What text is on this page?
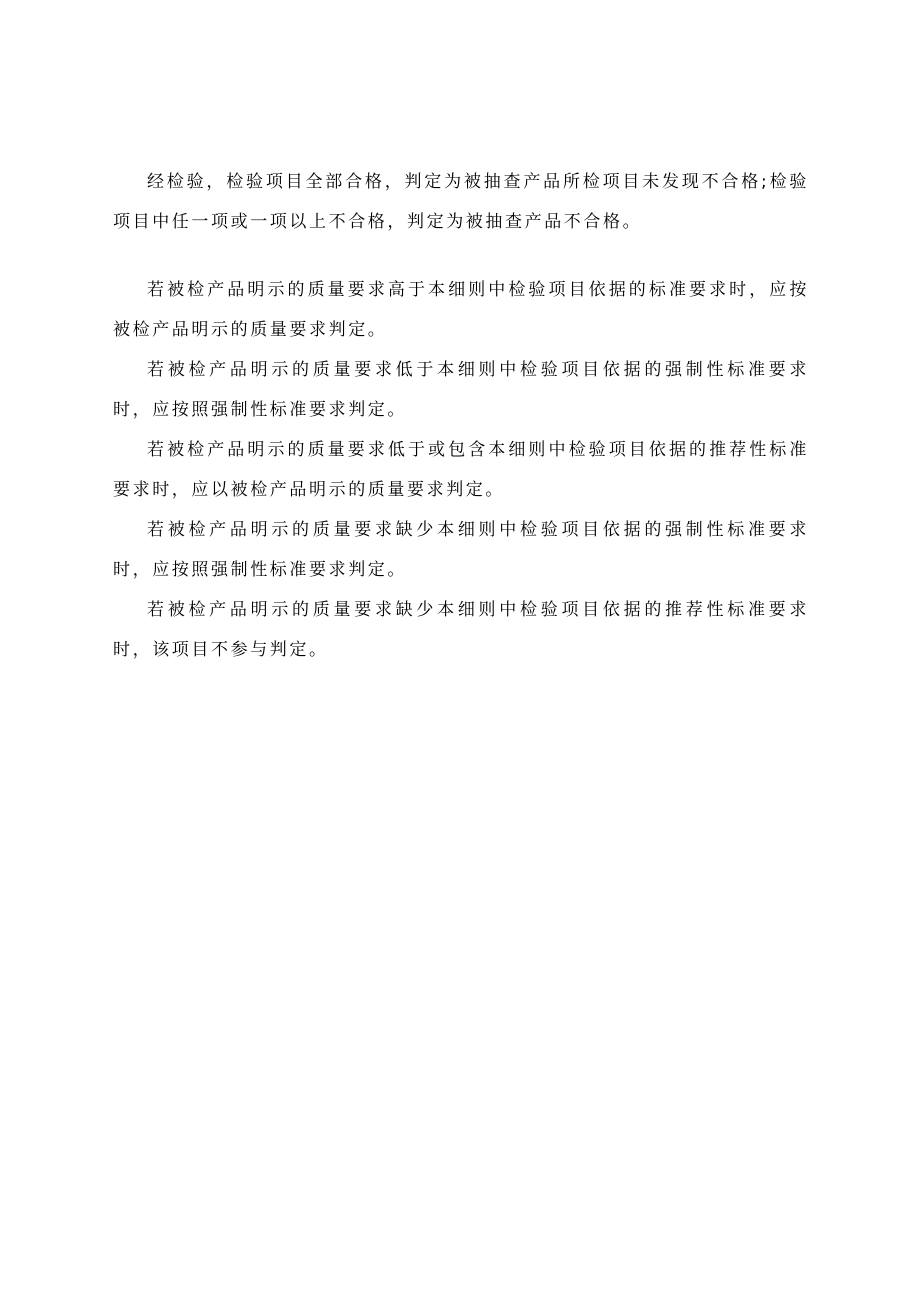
经检验，检验项目全部合格，判定为被抽查产品所检项目未发现不合格;检验项目中任一项或一项以上不合格，判定为被抽查产品不合格。

若被检产品明示的质量要求高于本细则中检验项目依据的标准要求时，应按被检产品明示的质量要求判定。

若被检产品明示的质量要求低于本细则中检验项目依据的强制性标准要求时，应按照强制性标准要求判定。

若被检产品明示的质量要求低于或包含本细则中检验项目依据的推荐性标准要求时，应以被检产品明示的质量要求判定。

若被检产品明示的质量要求缺少本细则中检验项目依据的强制性标准要求时，应按照强制性标准要求判定。

若被检产品明示的质量要求缺少本细则中检验项目依据的推荐性标准要求时，该项目不参与判定。
